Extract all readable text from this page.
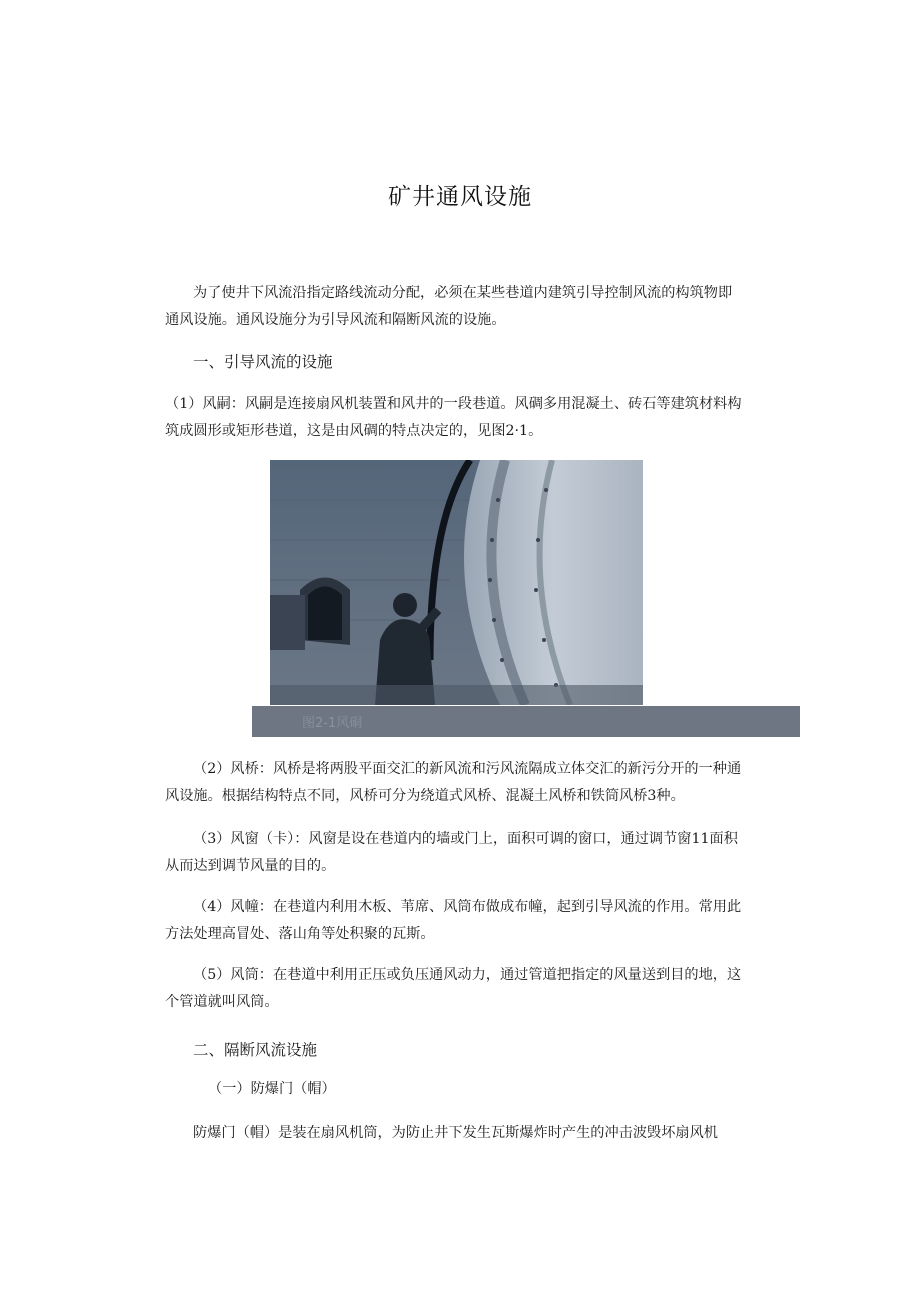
矿井通风设施

为了使井下风流沿指定路线流动分配，必须在某些巷道内建筑引导控制风流的构筑物即通风设施。通风设施分为引导风流和隔断风流的设施。

一、引导风流的设施

（1）风嗣：风嗣是连接扇风机装置和风井的一段巷道。风碉多用混凝土、砖石等建筑材料构筑成圆形或矩形巷道，这是由风碉的特点决定的，见图2·1。

图2-1风硐

（2）风桥：风桥是将两股平面交汇的新风流和污风流隔成立体交汇的新污分开的一种通风设施。根据结构特点不同，风桥可分为绕道式风桥、混凝土风桥和铁筒风桥3种。

（3）风窗（卡）：风窗是设在巷道内的墙或门上，面积可调的窗口，通过调节窗11面积从而达到调节风量的目的。

（4）风幢：在巷道内利用木板、苇席、风筒布做成布幢，起到引导风流的作用。常用此方法处理高冒处、落山角等处积聚的瓦斯。

（5）风筒：在巷道中利用正压或负压通风动力，通过管道把指定的风量送到目的地，这个管道就叫风筒。

二、隔断风流设施
（一）防爆门（帽）

防爆门（帽）是装在扇风机筒，为防止井下发生瓦斯爆炸时产生的冲击波毁坏扇风机
